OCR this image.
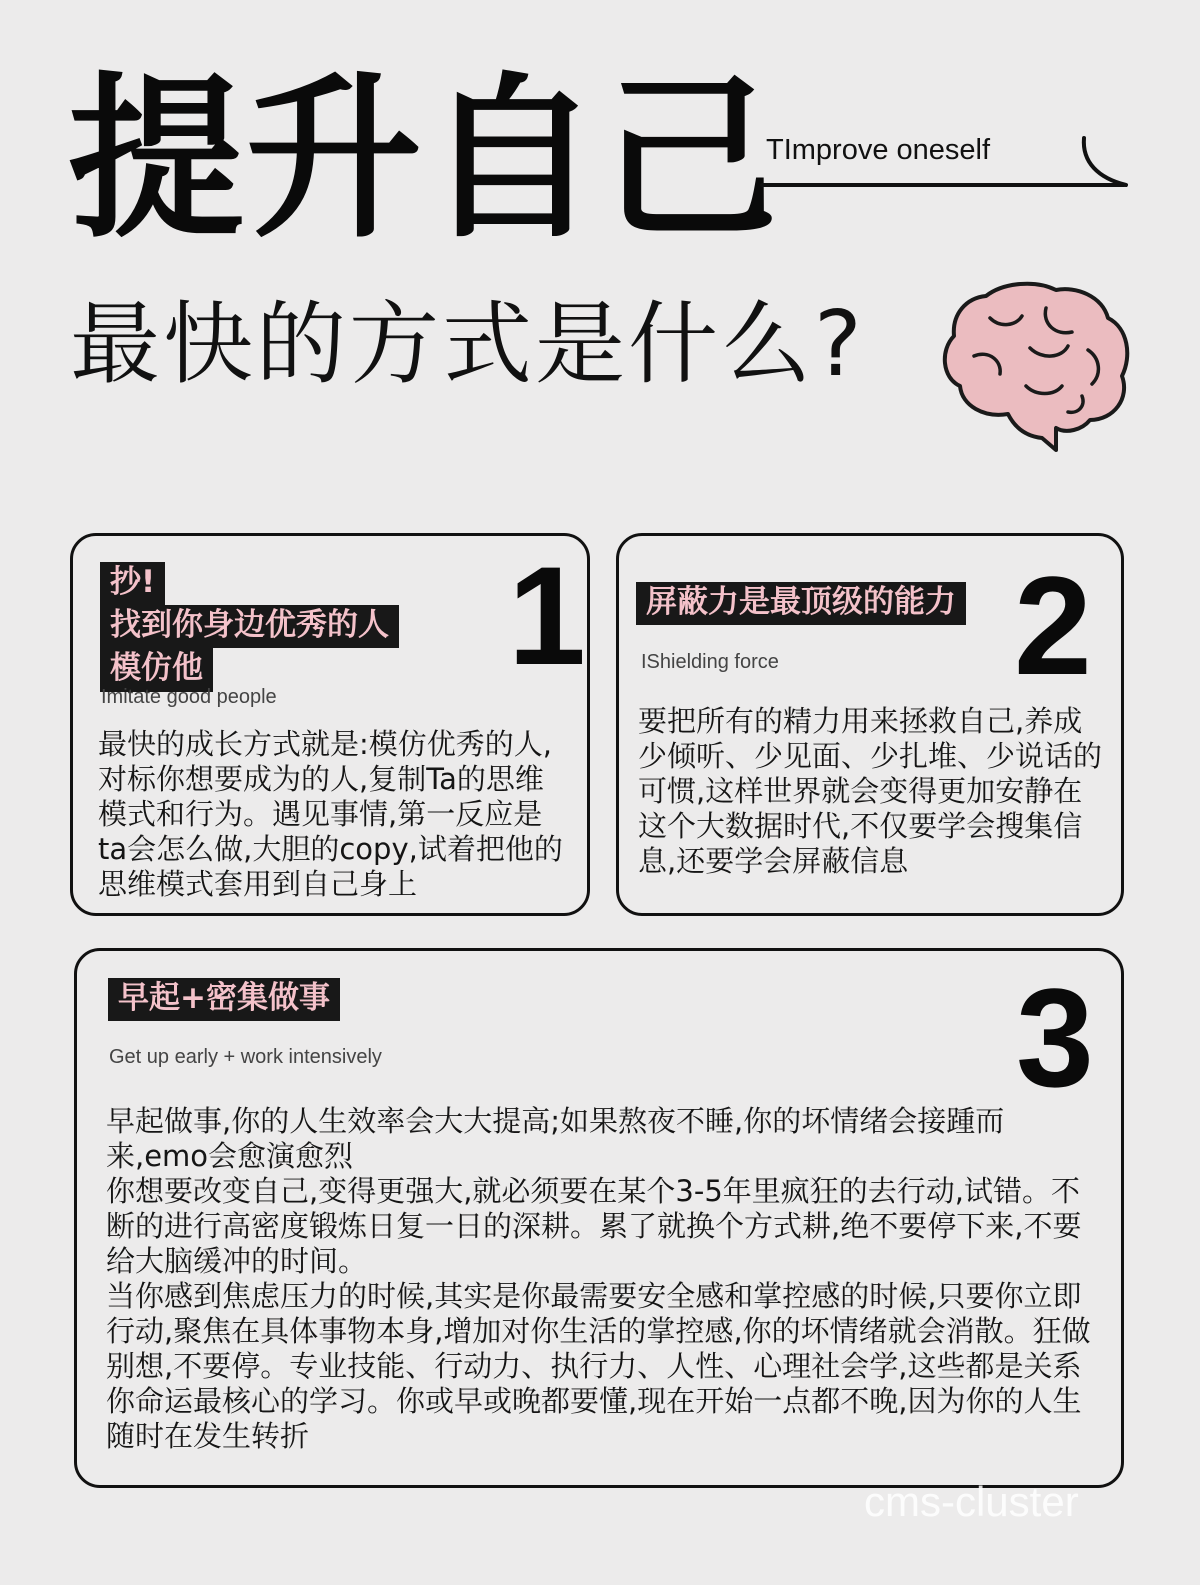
提升自己
TImprove oneself
最快的方式是什么?
抄!
找到你身边优秀的人
模仿他	1
Imitate good people
最快的成长方式就是:模仿优秀的人,对标你想要成为的人,复制Ta的思维模式和行为。遇见事情,第一反应是ta会怎么做,大胆的copy,试着把他的思维模式套用到自己身上
屏蔽力是最顶级的能力 2
IShielding force
要把所有的精力用来拯救自己,养成少倾听、少见面、少扎堆、少说话的可惯,这样世界就会变得更加安静在这个大数据时代,不仅要学会搜集信息,还要学会屏蔽信息
早起+密集做事	3
Get up early + work intensively
早起做事,你的人生效率会大大提高;如果熬夜不睡,你的坏情绪会接踵而来,emo会愈演愈烈
你想要改变自己,变得更强大,就必须要在某个3-5年里疯狂的去行动,试错。不断的进行高密度锻炼日复一日的深耕。累了就换个方式耕,绝不要停下来,不要给大脑缓冲的时间。
当你感到焦虑压力的时候,其实是你最需要安全感和掌控感的时候,只要你立即行动,聚焦在具体事物本身,增加对你生活的掌控感,你的坏情绪就会消散。狂做别想,不要停。专业技能、行动力、执行力、人性、心理社会学,这些都是关系你命运最核心的学习。你或早或晚都要懂,现在开始一点都不晚,因为你的人生随时在发生转折
cms-cluster
